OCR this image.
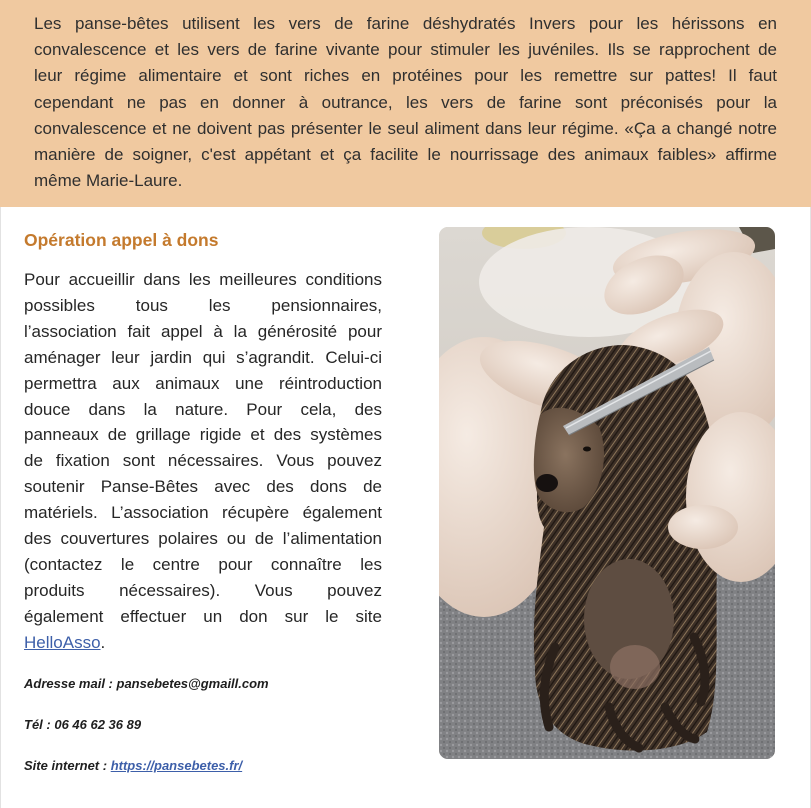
Les panse-bêtes utilisent les vers de farine déshydratés Invers pour les hérissons en
convalescence et les vers de farine vivante pour stimuler les juvéniles. Ils se rapprochent de
leur régime alimentaire et sont riches en protéines pour les remettre sur pattes! Il faut
cependant ne pas en donner à outrance, les vers de farine sont préconisés pour la
convalescence et ne doivent pas présenter le seul aliment dans leur régime. «Ça a changé notre
manière de soigner, c'est appétant et ça facilite le nourrissage des animaux faibles» affirme
même Marie-Laure.

Opération appel à dons

Pour accueillir dans les meilleures conditions
possibles tous les pensionnaires,
l’association fait appel à la générosité pour
aménager leur jardin qui s’agrandit. Celui-ci
permettra aux animaux une réintroduction
douce dans la nature. Pour cela, des
panneaux de grillage rigide et des systèmes
de fixation sont nécessaires. Vous pouvez
soutenir Panse-Bêtes avec des dons de
matériels. L’association récupère également
des couvertures polaires ou de l’alimentation
(contactez le centre pour connaître les
produits nécessaires). Vous pouvez
également effectuer un don sur le site
HelloAsso.

Adresse mail : pansebetes@gmaill.com

Tél : 06 46 62 36 89

Site internet : https://pansebetes.fr/
